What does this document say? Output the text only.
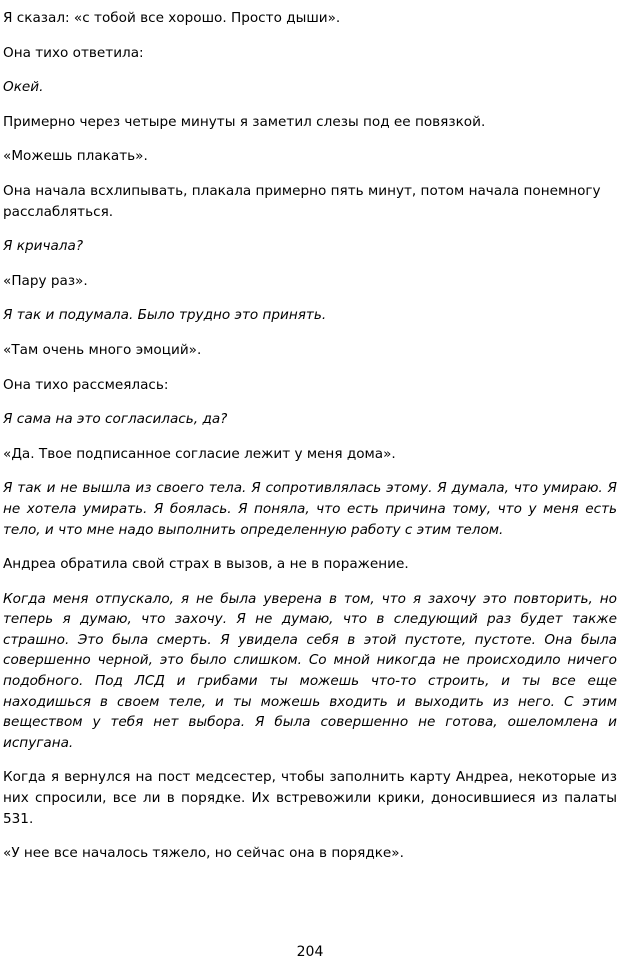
Я сказал: «с тобой все хорошо. Просто дыши».

Она тихо ответила:

Окей.

Примерно через четыре минуты я заметил слезы под ее повязкой.

«Можешь плакать».

Она начала всхлипывать, плакала примерно пять минут, потом начала понемногу расслабляться.

Я кричала?

«Пару раз».

Я так и подумала. Было трудно это принять.

«Там очень много эмоций».

Она тихо рассмеялась:

Я сама на это согласилась, да?

«Да. Твое подписанное согласие лежит у меня дома».

Я так и не вышла из своего тела. Я сопротивлялась этому. Я думала, что умираю. Я не хотела умирать. Я боялась. Я поняла, что есть причина тому, что у меня есть тело, и что мне надо выполнить определенную работу с этим телом.

Андреа обратила свой страх в вызов, а не в поражение.

Когда меня отпускало, я не была уверена в том, что я захочу это повторить, но теперь я думаю, что захочу. Я не думаю, что в следующий раз будет также страшно. Это была смерть. Я увидела себя в этой пустоте, пустоте. Она была совершенно черной, это было слишком. Со мной никогда не происходило ничего подобного. Под ЛСД и грибами ты можешь что-то строить, и ты все еще находишься в своем теле, и ты можешь входить и выходить из него. С этим веществом у тебя нет выбора. Я была совершенно не готова, ошеломлена и испугана.

Когда я вернулся на пост медсестер, чтобы заполнить карту Андреа, некоторые из них спросили, все ли в порядке. Их встревожили крики, доносившиеся из палаты 531.

«У нее все началось тяжело, но сейчас она в порядке».

204
